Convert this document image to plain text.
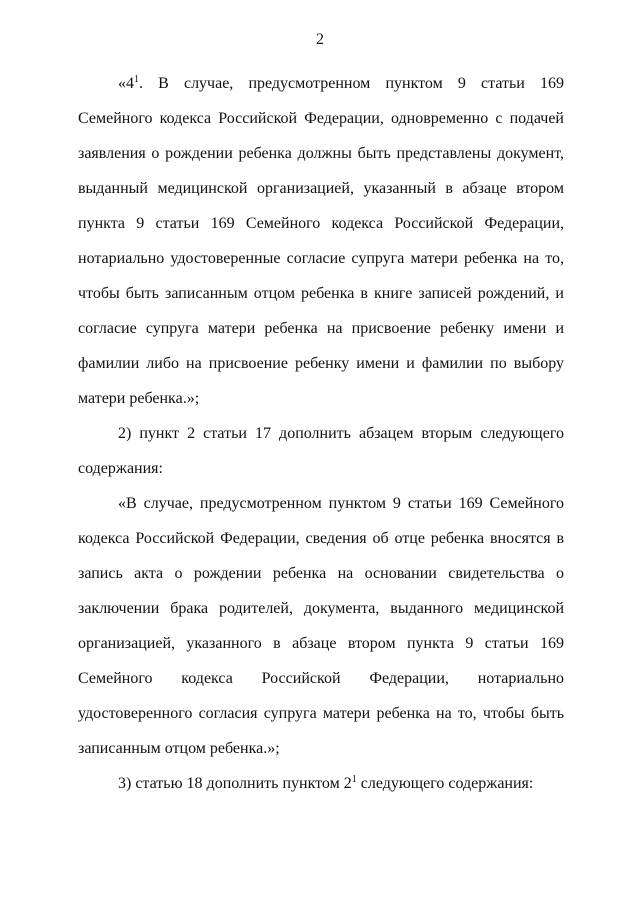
2

«$4^1$. В случае, предусмотренном пунктом 9 статьи 169 Семейного кодекса Российской Федерации, одновременно с подачей заявления о рождении ребенка должны быть представлены документ, выданный медицинской организацией, указанный в абзаце втором пункта 9 статьи 169 Семейного кодекса Российской Федерации, нотариально удостоверенные согласие супруга матери ребенка на то, чтобы быть записанным отцом ребенка в книге записей рождений, и согласие супруга матери ребенка на присвоение ребенку имени и фамилии либо на присвоение ребенку имени и фамилии по выбору матери ребенка.»;

2) пункт 2 статьи 17 дополнить абзацем вторым следующего содержания:

«В случае, предусмотренном пунктом 9 статьи 169 Семейного кодекса Российской Федерации, сведения об отце ребенка вносятся в запись акта о рождении ребенка на основании свидетельства о заключении брака родителей, документа, выданного медицинской организацией, указанного в абзаце втором пункта 9 статьи 169 Семейного кодекса Российской Федерации, нотариально удостоверенного согласия супруга матери ребенка на то, чтобы быть записанным отцом ребенка.»;

3) статью 18 дополнить пунктом $2^1$ следующего содержания:
